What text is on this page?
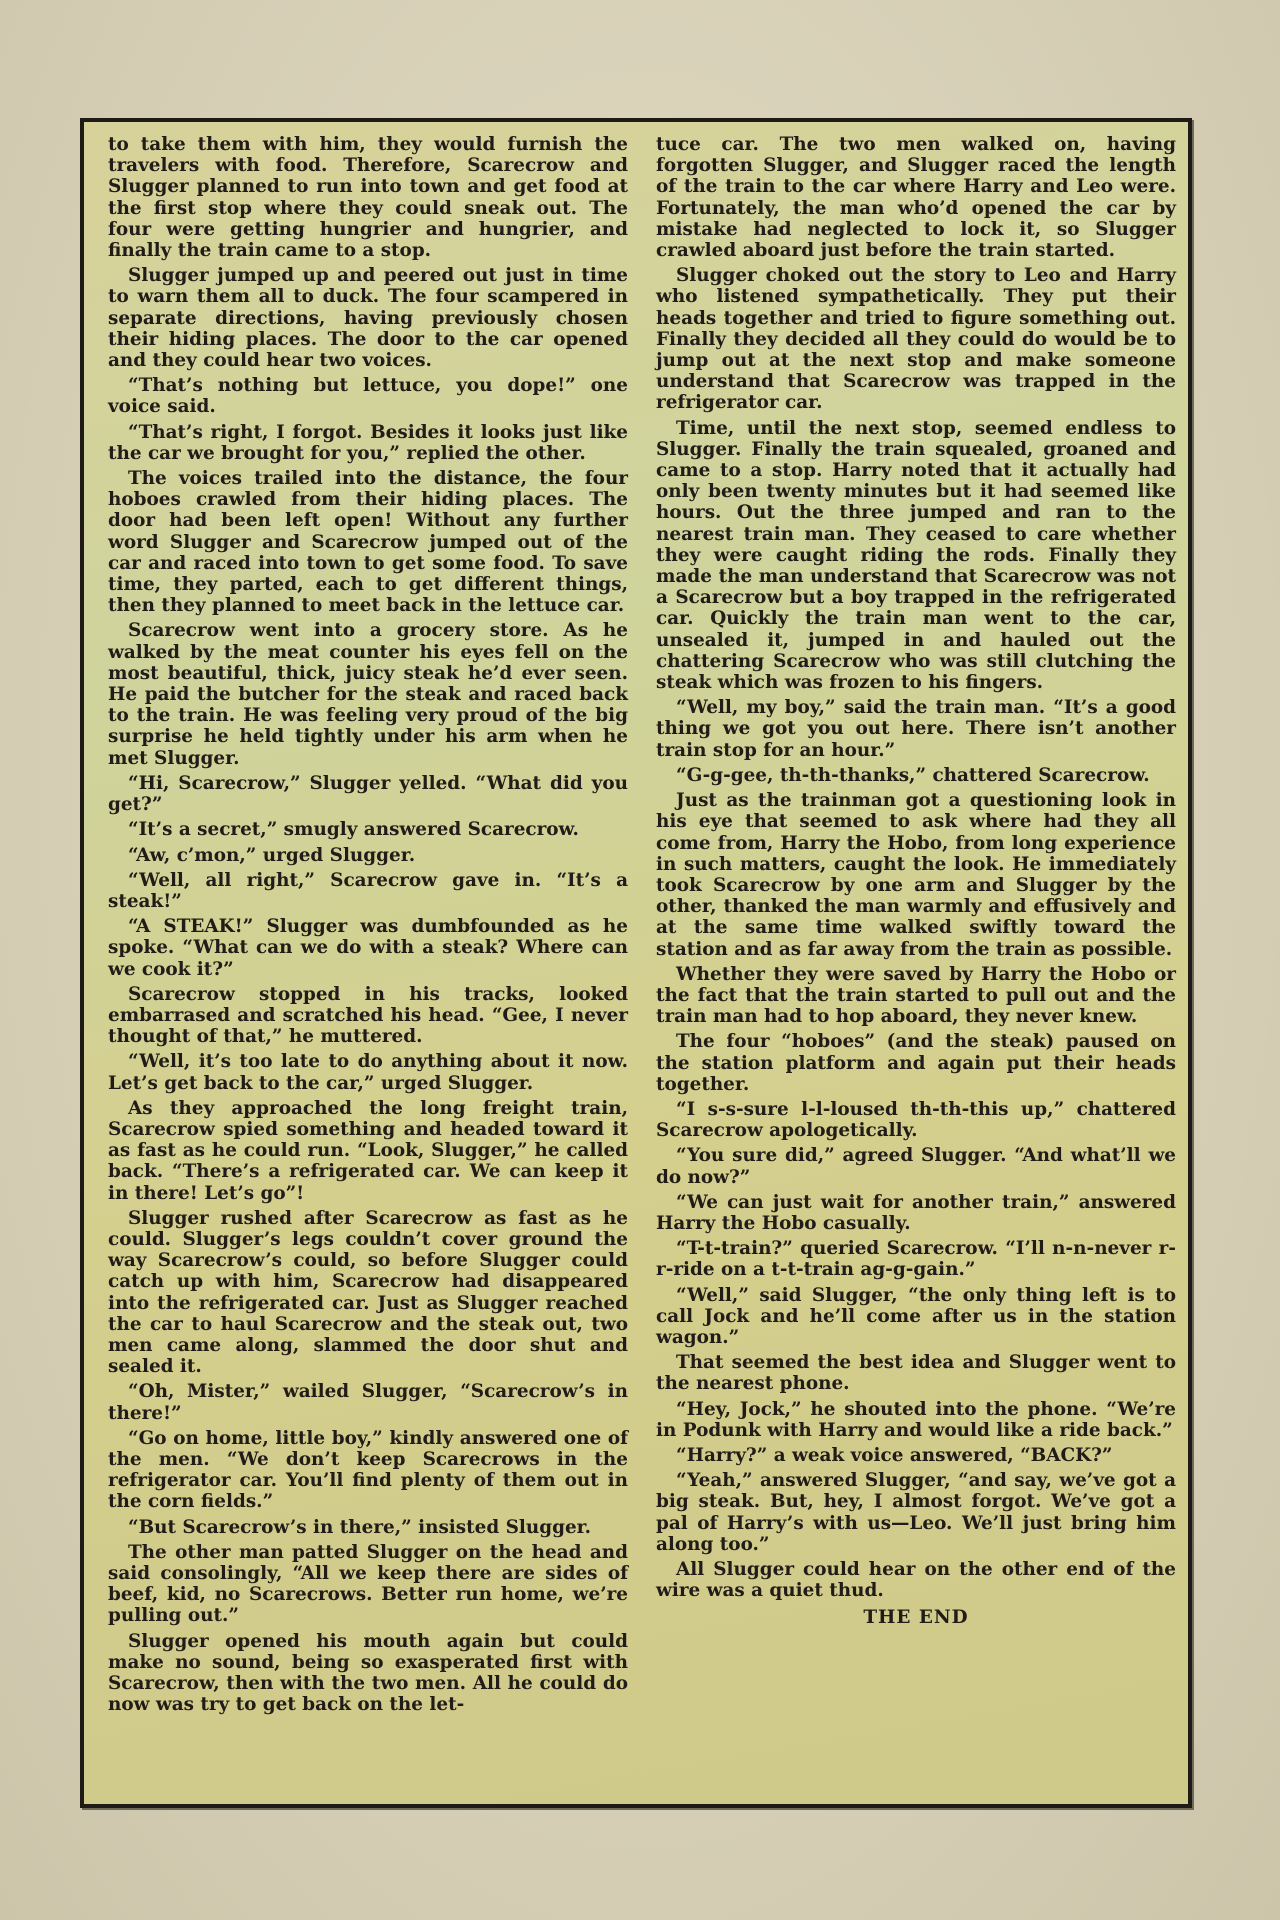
to take them with him, they would furnish the travelers with food. Therefore, Scarecrow and Slugger planned to run into town and get food at the first stop where they could sneak out. The four were getting hungrier and hungrier, and finally the train came to a stop.

Slugger jumped up and peered out just in time to warn them all to duck. The four scampered in separate directions, having previously chosen their hiding places. The door to the car opened and they could hear two voices.

“That’s nothing but lettuce, you dope!” one voice said.

“That’s right, I forgot. Besides it looks just like the car we brought for you,” replied the other.

The voices trailed into the distance, the four hoboes crawled from their hiding places. The door had been left open! Without any further word Slugger and Scarecrow jumped out of the car and raced into town to get some food. To save time, they parted, each to get different things, then they planned to meet back in the lettuce car.

Scarecrow went into a grocery store. As he walked by the meat counter his eyes fell on the most beautiful, thick, juicy steak he’d ever seen. He paid the butcher for the steak and raced back to the train. He was feeling very proud of the big surprise he held tightly under his arm when he met Slugger.

“Hi, Scarecrow,” Slugger yelled. “What did you get?”

“It’s a secret,” smugly answered Scarecrow.

“Aw, c’mon,” urged Slugger.

“Well, all right,” Scarecrow gave in. “It’s a steak!”

“A STEAK!” Slugger was dumbfounded as he spoke. “What can we do with a steak? Where can we cook it?”

Scarecrow stopped in his tracks, looked embarrased and scratched his head. “Gee, I never thought of that,” he muttered.

“Well, it’s too late to do anything about it now. Let’s get back to the car,” urged Slugger.

As they approached the long freight train, Scarecrow spied something and headed toward it as fast as he could run. “Look, Slugger,” he called back. “There’s a refrigerated car. We can keep it in there! Let’s go”!

Slugger rushed after Scarecrow as fast as he could. Slugger’s legs couldn’t cover ground the way Scarecrow’s could, so before Slugger could catch up with him, Scarecrow had disappeared into the refrigerated car. Just as Slugger reached the car to haul Scarecrow and the steak out, two men came along, slammed the door shut and sealed it.

“Oh, Mister,” wailed Slugger, “Scarecrow’s in there!”

“Go on home, little boy,” kindly answered one of the men. “We don’t keep Scarecrows in the refrigerator car. You’ll find plenty of them out in the corn fields.”

“But Scarecrow’s in there,” insisted Slugger.

The other man patted Slugger on the head and said consolingly, “All we keep there are sides of beef, kid, no Scarecrows. Better run home, we’re pulling out.”

Slugger opened his mouth again but could make no sound, being so exasperated first with Scarecrow, then with the two men. All he could do now was try to get back on the let-

tuce car. The two men walked on, having forgotten Slugger, and Slugger raced the length of the train to the car where Harry and Leo were. Fortunately, the man who’d opened the car by mistake had neglected to lock it, so Slugger crawled aboard just before the train started.

Slugger choked out the story to Leo and Harry who listened sympathetically. They put their heads together and tried to figure something out. Finally they decided all they could do would be to jump out at the next stop and make someone understand that Scarecrow was trapped in the refrigerator car.

Time, until the next stop, seemed endless to Slugger. Finally the train squealed, groaned and came to a stop. Harry noted that it actually had only been twenty minutes but it had seemed like hours. Out the three jumped and ran to the nearest train man. They ceased to care whether they were caught riding the rods. Finally they made the man understand that Scarecrow was not a Scarecrow but a boy trapped in the refrigerated car. Quickly the train man went to the car, unsealed it, jumped in and hauled out the chattering Scarecrow who was still clutching the steak which was frozen to his fingers.

“Well, my boy,” said the train man. “It’s a good thing we got you out here. There isn’t another train stop for an hour.”

“G-g-gee, th-th-thanks,” chattered Scarecrow.

Just as the trainman got a questioning look in his eye that seemed to ask where had they all come from, Harry the Hobo, from long experience in such matters, caught the look. He immediately took Scarecrow by one arm and Slugger by the other, thanked the man warmly and effusively and at the same time walked swiftly toward the station and as far away from the train as possible.

Whether they were saved by Harry the Hobo or the fact that the train started to pull out and the train man had to hop aboard, they never knew.

The four “hoboes” (and the steak) paused on the station platform and again put their heads together.

“I s-s-sure l-l-loused th-th-this up,” chattered Scarecrow apologetically.

“You sure did,” agreed Slugger. “And what’ll we do now?”

“We can just wait for another train,” answered Harry the Hobo casually.

“T-t-train?” queried Scarecrow. “I’ll n-n-never r-r-ride on a t-t-train ag-g-gain.”

“Well,” said Slugger, “the only thing left is to call Jock and he’ll come after us in the station wagon.”

That seemed the best idea and Slugger went to the nearest phone.

“Hey, Jock,” he shouted into the phone. “We’re in Podunk with Harry and would like a ride back.”

“Harry?” a weak voice answered, “BACK?”

“Yeah,” answered Slugger, “and say, we’ve got a big steak. But, hey, I almost forgot. We’ve got a pal of Harry’s with us—Leo. We’ll just bring him along too.”

All Slugger could hear on the other end of the wire was a quiet thud.

THE END
